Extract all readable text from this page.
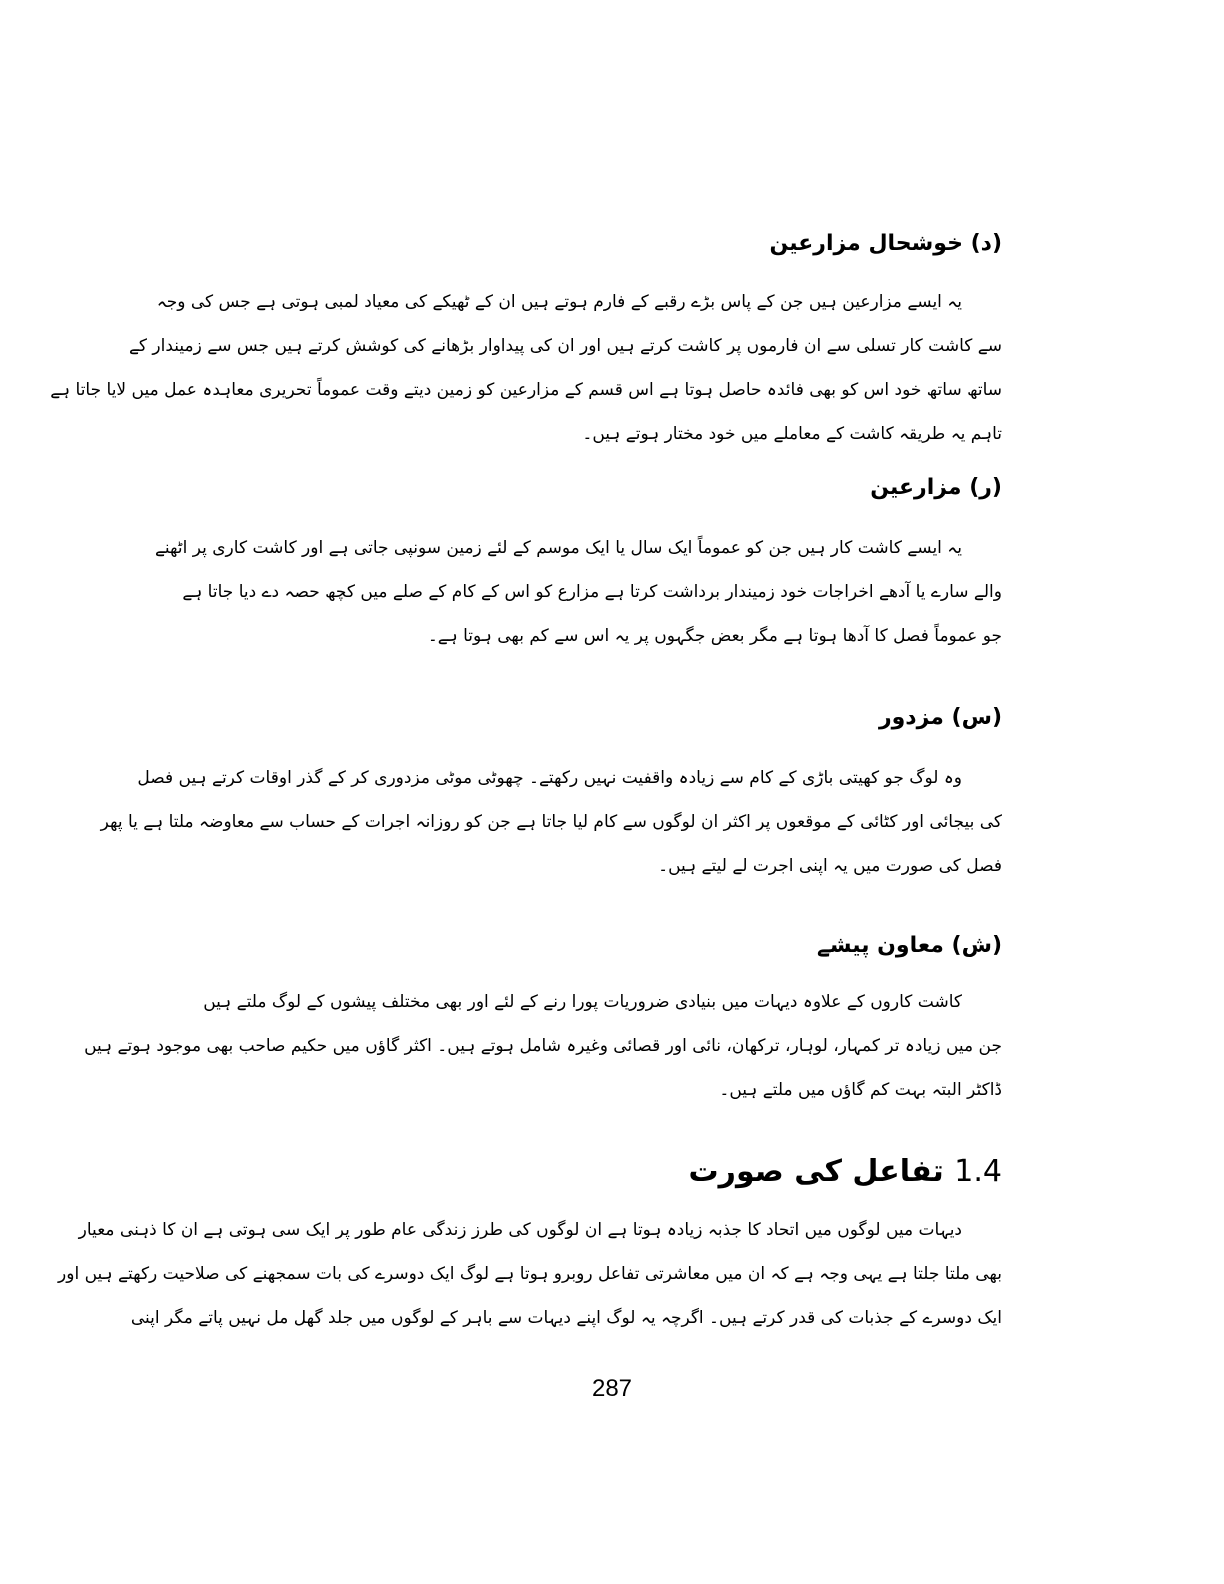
(د) خوشحال مزارعین

یہ ایسے مزارعین ہیں جن کے پاس بڑے رقبے کے فارم ہوتے ہیں ان کے ٹھیکے کی معیاد لمبی ہوتی ہے جس کی وجہ

سے کاشت کار تسلی سے ان فارموں پر کاشت کرتے ہیں اور ان کی پیداوار بڑھانے کی کوشش کرتے ہیں جس سے زمیندار کے

ساتھ ساتھ خود اس کو بھی فائدہ حاصل ہوتا ہے اس قسم کے مزارعین کو زمین دیتے وقت عموماً تحریری معاہدہ عمل میں لایا جاتا ہے

تاہم یہ طریقہ کاشت کے معاملے میں خود مختار ہوتے ہیں۔

(ر) مزارعین

یہ ایسے کاشت کار ہیں جن کو عموماً ایک سال یا ایک موسم کے لئے زمین سونپی جاتی ہے اور کاشت کاری پر اٹھنے

والے سارے یا آدھے اخراجات خود زمیندار برداشت کرتا ہے مزارع کو اس کے کام کے صلے میں کچھ حصہ دے دیا جاتا ہے

جو عموماً فصل کا آدھا ہوتا ہے مگر بعض جگہوں پر یہ اس سے کم بھی ہوتا ہے۔

(س) مزدور

وہ لوگ جو کھیتی باڑی کے کام سے زیادہ واقفیت نہیں رکھتے۔ چھوٹی موٹی مزدوری کر کے گذر اوقات کرتے ہیں فصل

کی بیجائی اور کٹائی کے موقعوں پر اکثر ان لوگوں سے کام لیا جاتا ہے جن کو روزانہ اجرات کے حساب سے معاوضہ ملتا ہے یا پھر

فصل کی صورت میں یہ اپنی اجرت لے لیتے ہیں۔

(ش) معاون پیشے

کاشت کاروں کے علاوہ دیہات میں بنیادی ضروریات پورا رنے کے لئے اور بھی مختلف پیشوں کے لوگ ملتے ہیں

جن میں زیادہ تر کمہار، لوہار، ترکھان، نائی اور قصائی وغیرہ شامل ہوتے ہیں۔ اکثر گاؤں میں حکیم صاحب بھی موجود ہوتے ہیں

ڈاکٹر البتہ بہت کم گاؤں میں ملتے ہیں۔

1.4 تفاعل کی صورت

دیہات میں لوگوں میں اتحاد کا جذبہ زیادہ ہوتا ہے ان لوگوں کی طرز زندگی عام طور پر ایک سی ہوتی ہے ان کا ذہنی معیار

بھی ملتا جلتا ہے یہی وجہ ہے کہ ان میں معاشرتی تفاعل روبرو ہوتا ہے لوگ ایک دوسرے کی بات سمجھنے کی صلاحیت رکھتے ہیں اور

ایک دوسرے کے جذبات کی قدر کرتے ہیں۔ اگرچہ یہ لوگ اپنے دیہات سے باہر کے لوگوں میں جلد گھل مل نہیں پاتے مگر اپنی

287
